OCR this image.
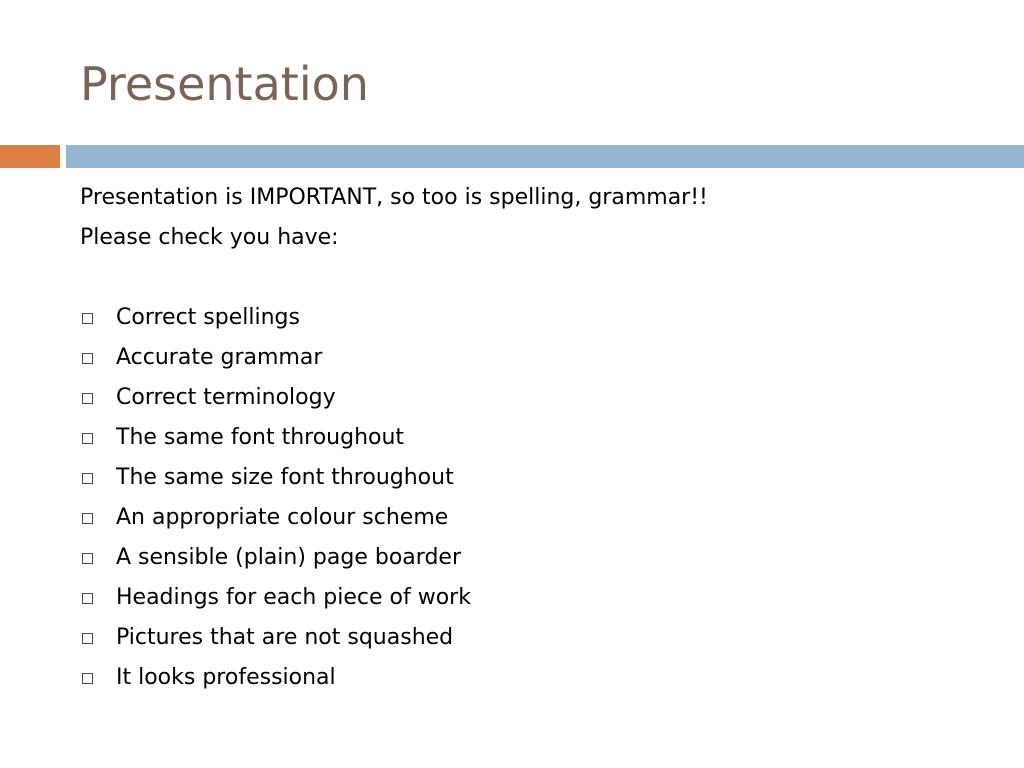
Presentation

Presentation is IMPORTANT, so too is spelling, grammar!!

Please check you have:

Correct spellings
Accurate grammar
Correct terminology
The same font throughout
The same size font throughout
An appropriate colour scheme
A sensible (plain) page boarder
Headings for each piece of work
Pictures that are not squashed
It looks professional
